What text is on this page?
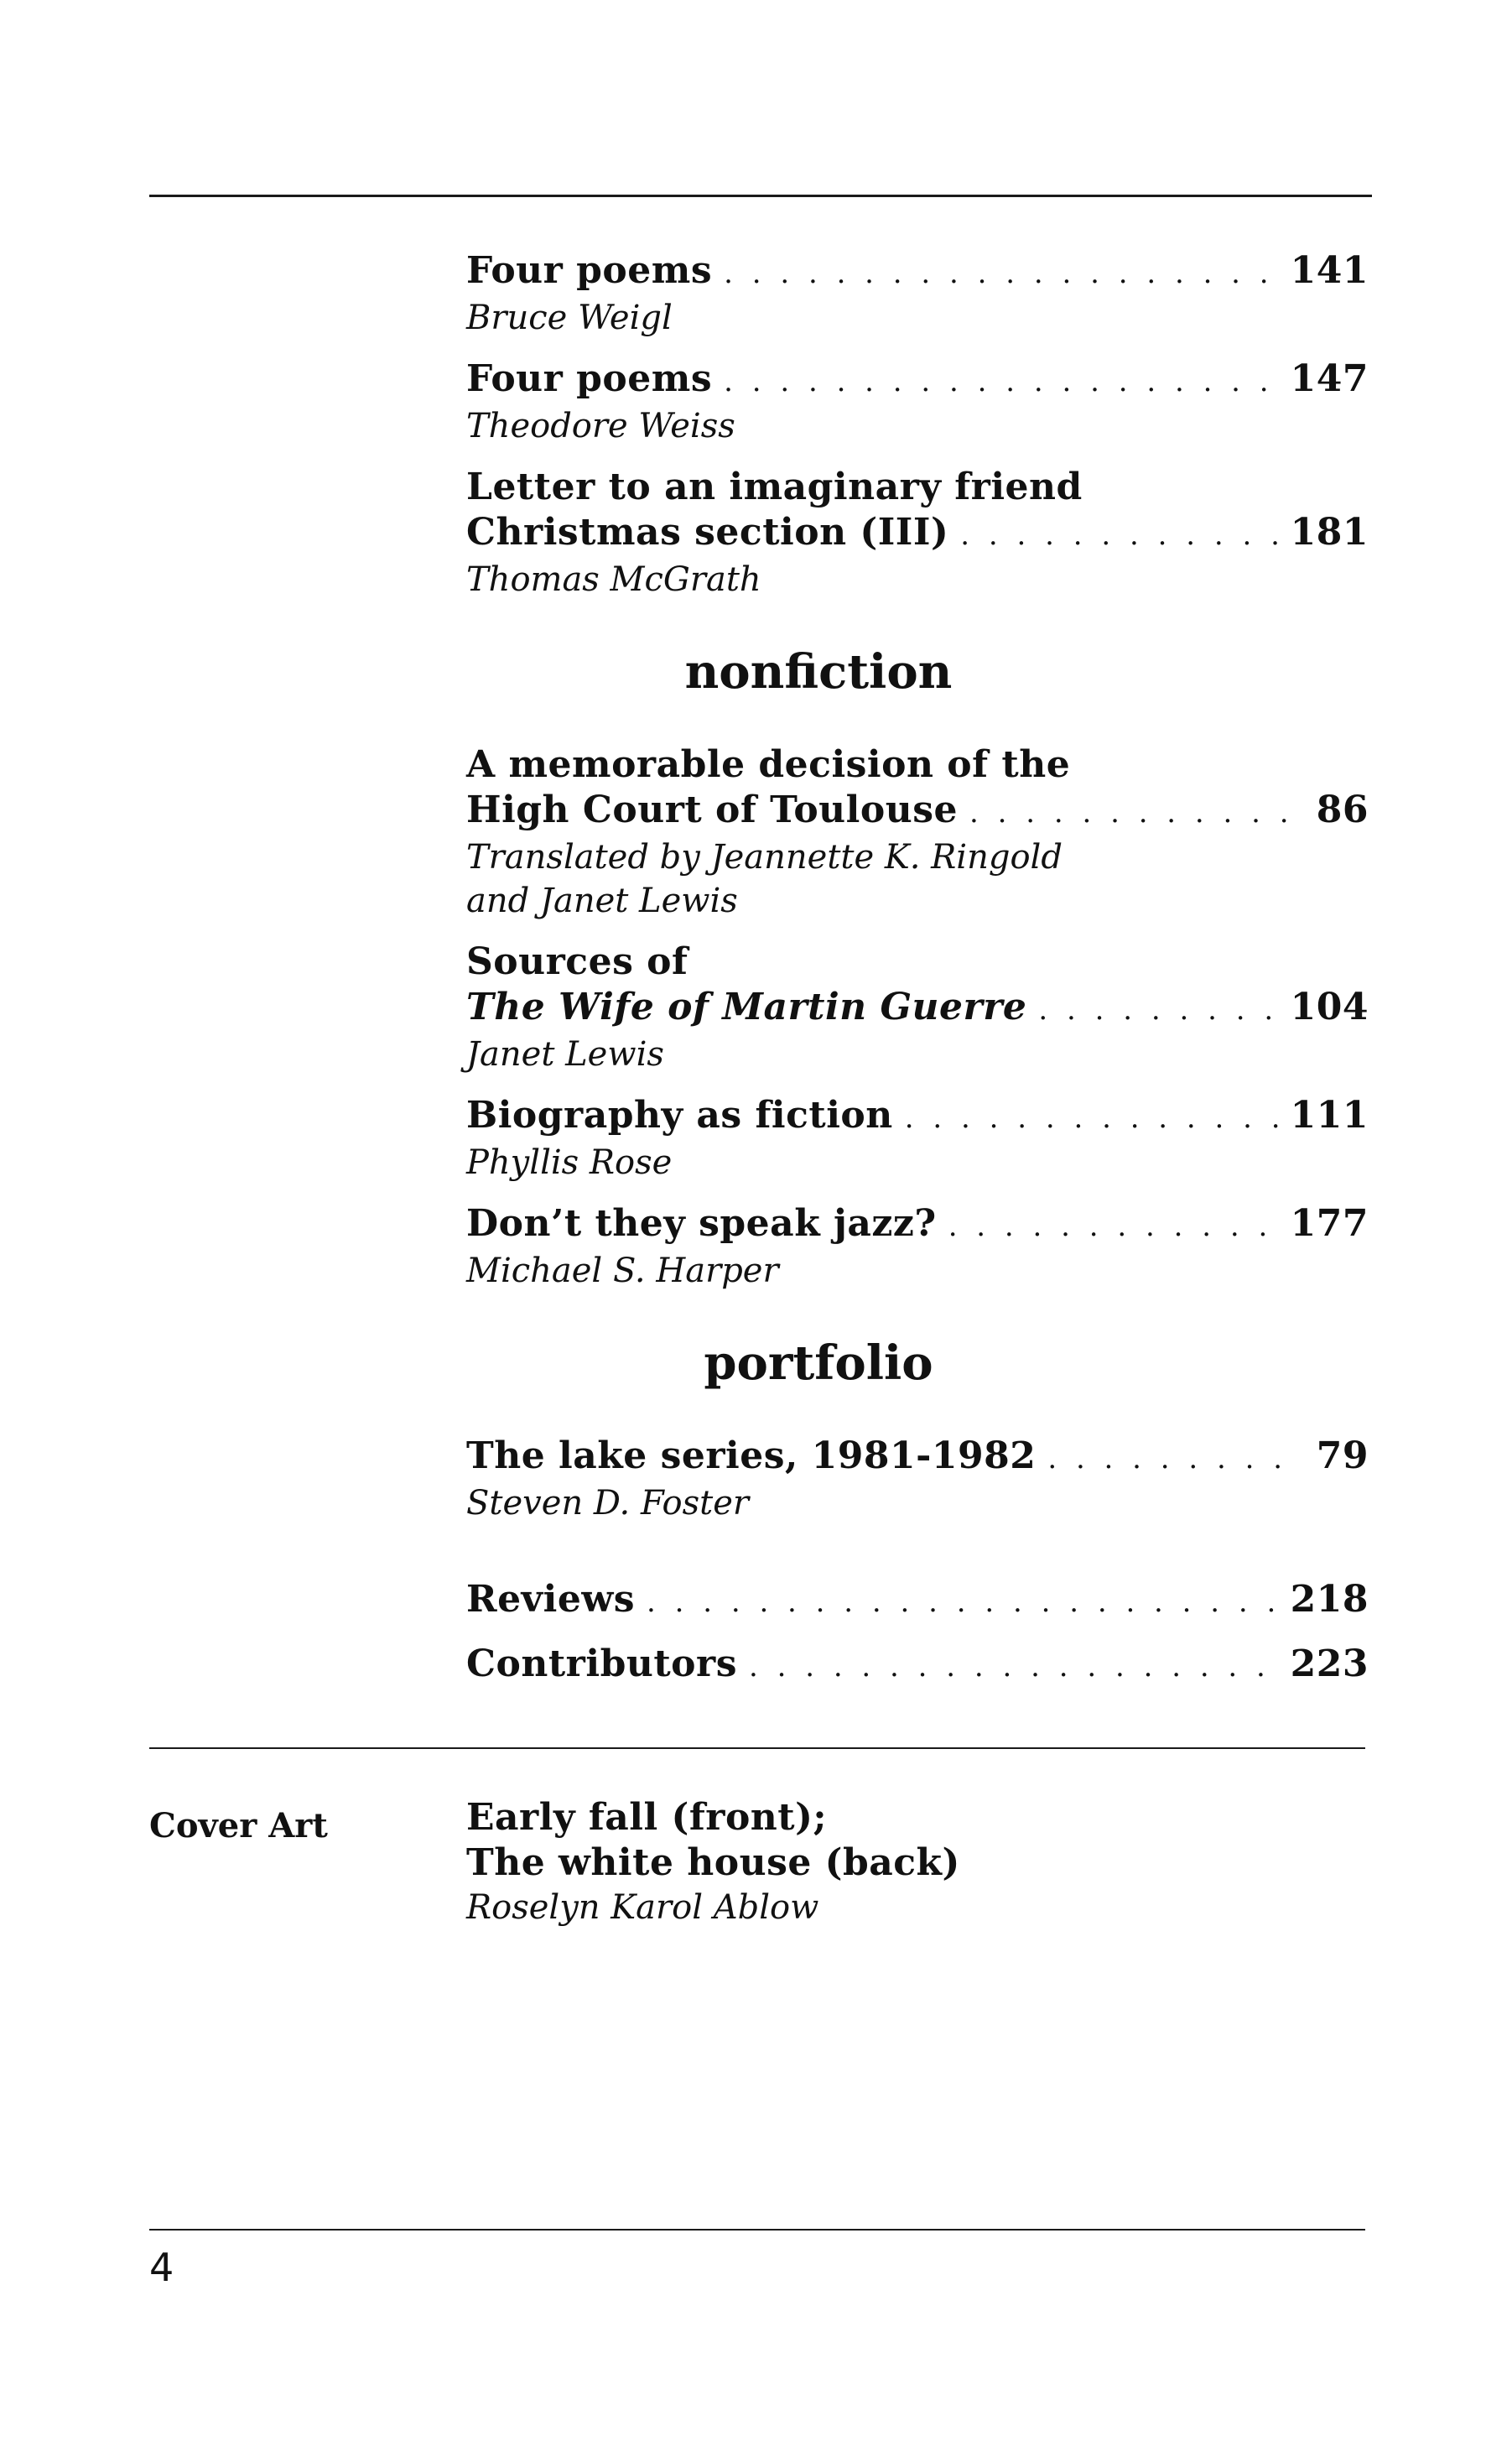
Four poems . . .	141
Bruce Weigl
Four poems . . .	147
Theodore Weiss
Letter to an imaginary friend
Christmas section (III) . . .	181
Thomas McGrath
nonfiction
A memorable decision of the
High Court of Toulouse . . .	86
Translated by Jeannette K. Ringold
and Janet Lewis
Sources of
The Wife of Martin Guerre . . .	104
Janet Lewis
Biography as fiction . . .	111
Phyllis Rose
Don’t they speak jazz? . . .	177
Michael S. Harper
portfolio
The lake series, 1981-1982 . . .	79
Steven D. Foster
Reviews . . .	218
Contributors . . .	223
Cover Art	Early fall (front);
The white house (back)
Roselyn Karol Ablow
4
